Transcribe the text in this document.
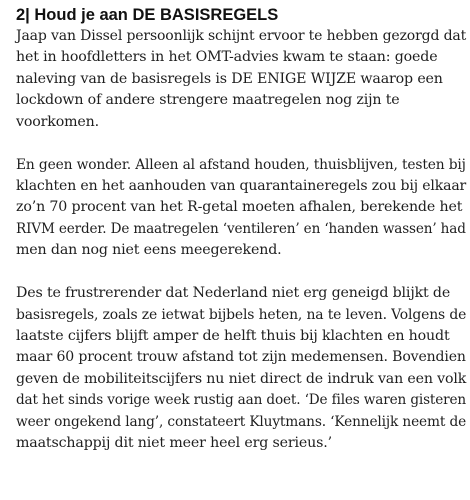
2| Houd je aan DE BASISREGELS
Jaap van Dissel persoonlijk schijnt ervoor te hebben gezorgd dat
het in hoofdletters in het OMT-advies kwam te staan: goede
naleving van de basisregels is DE ENIGE WIJZE waarop een
lockdown of andere strengere maatregelen nog zijn te
voorkomen.
En geen wonder. Alleen al afstand houden, thuisblijven, testen bij
klachten en het aanhouden van quarantaineregels zou bij elkaar
zo’n 70 procent van het R-getal moeten afhalen, berekende het
RIVM eerder. De maatregelen ‘ventileren’ en ‘handen wassen’ had
men dan nog niet eens meegerekend.
Des te frustrerender dat Nederland niet erg geneigd blijkt de
basisregels, zoals ze ietwat bijbels heten, na te leven. Volgens de
laatste cijfers blijft amper de helft thuis bij klachten en houdt
maar 60 procent trouw afstand tot zijn medemensen. Bovendien
geven de mobiliteitscijfers nu niet direct de indruk van een volk
dat het sinds vorige week rustig aan doet. ‘De files waren gisteren
weer ongekend lang’, constateert Kluytmans. ‘Kennelijk neemt de
maatschappij dit niet meer heel erg serieus.’
